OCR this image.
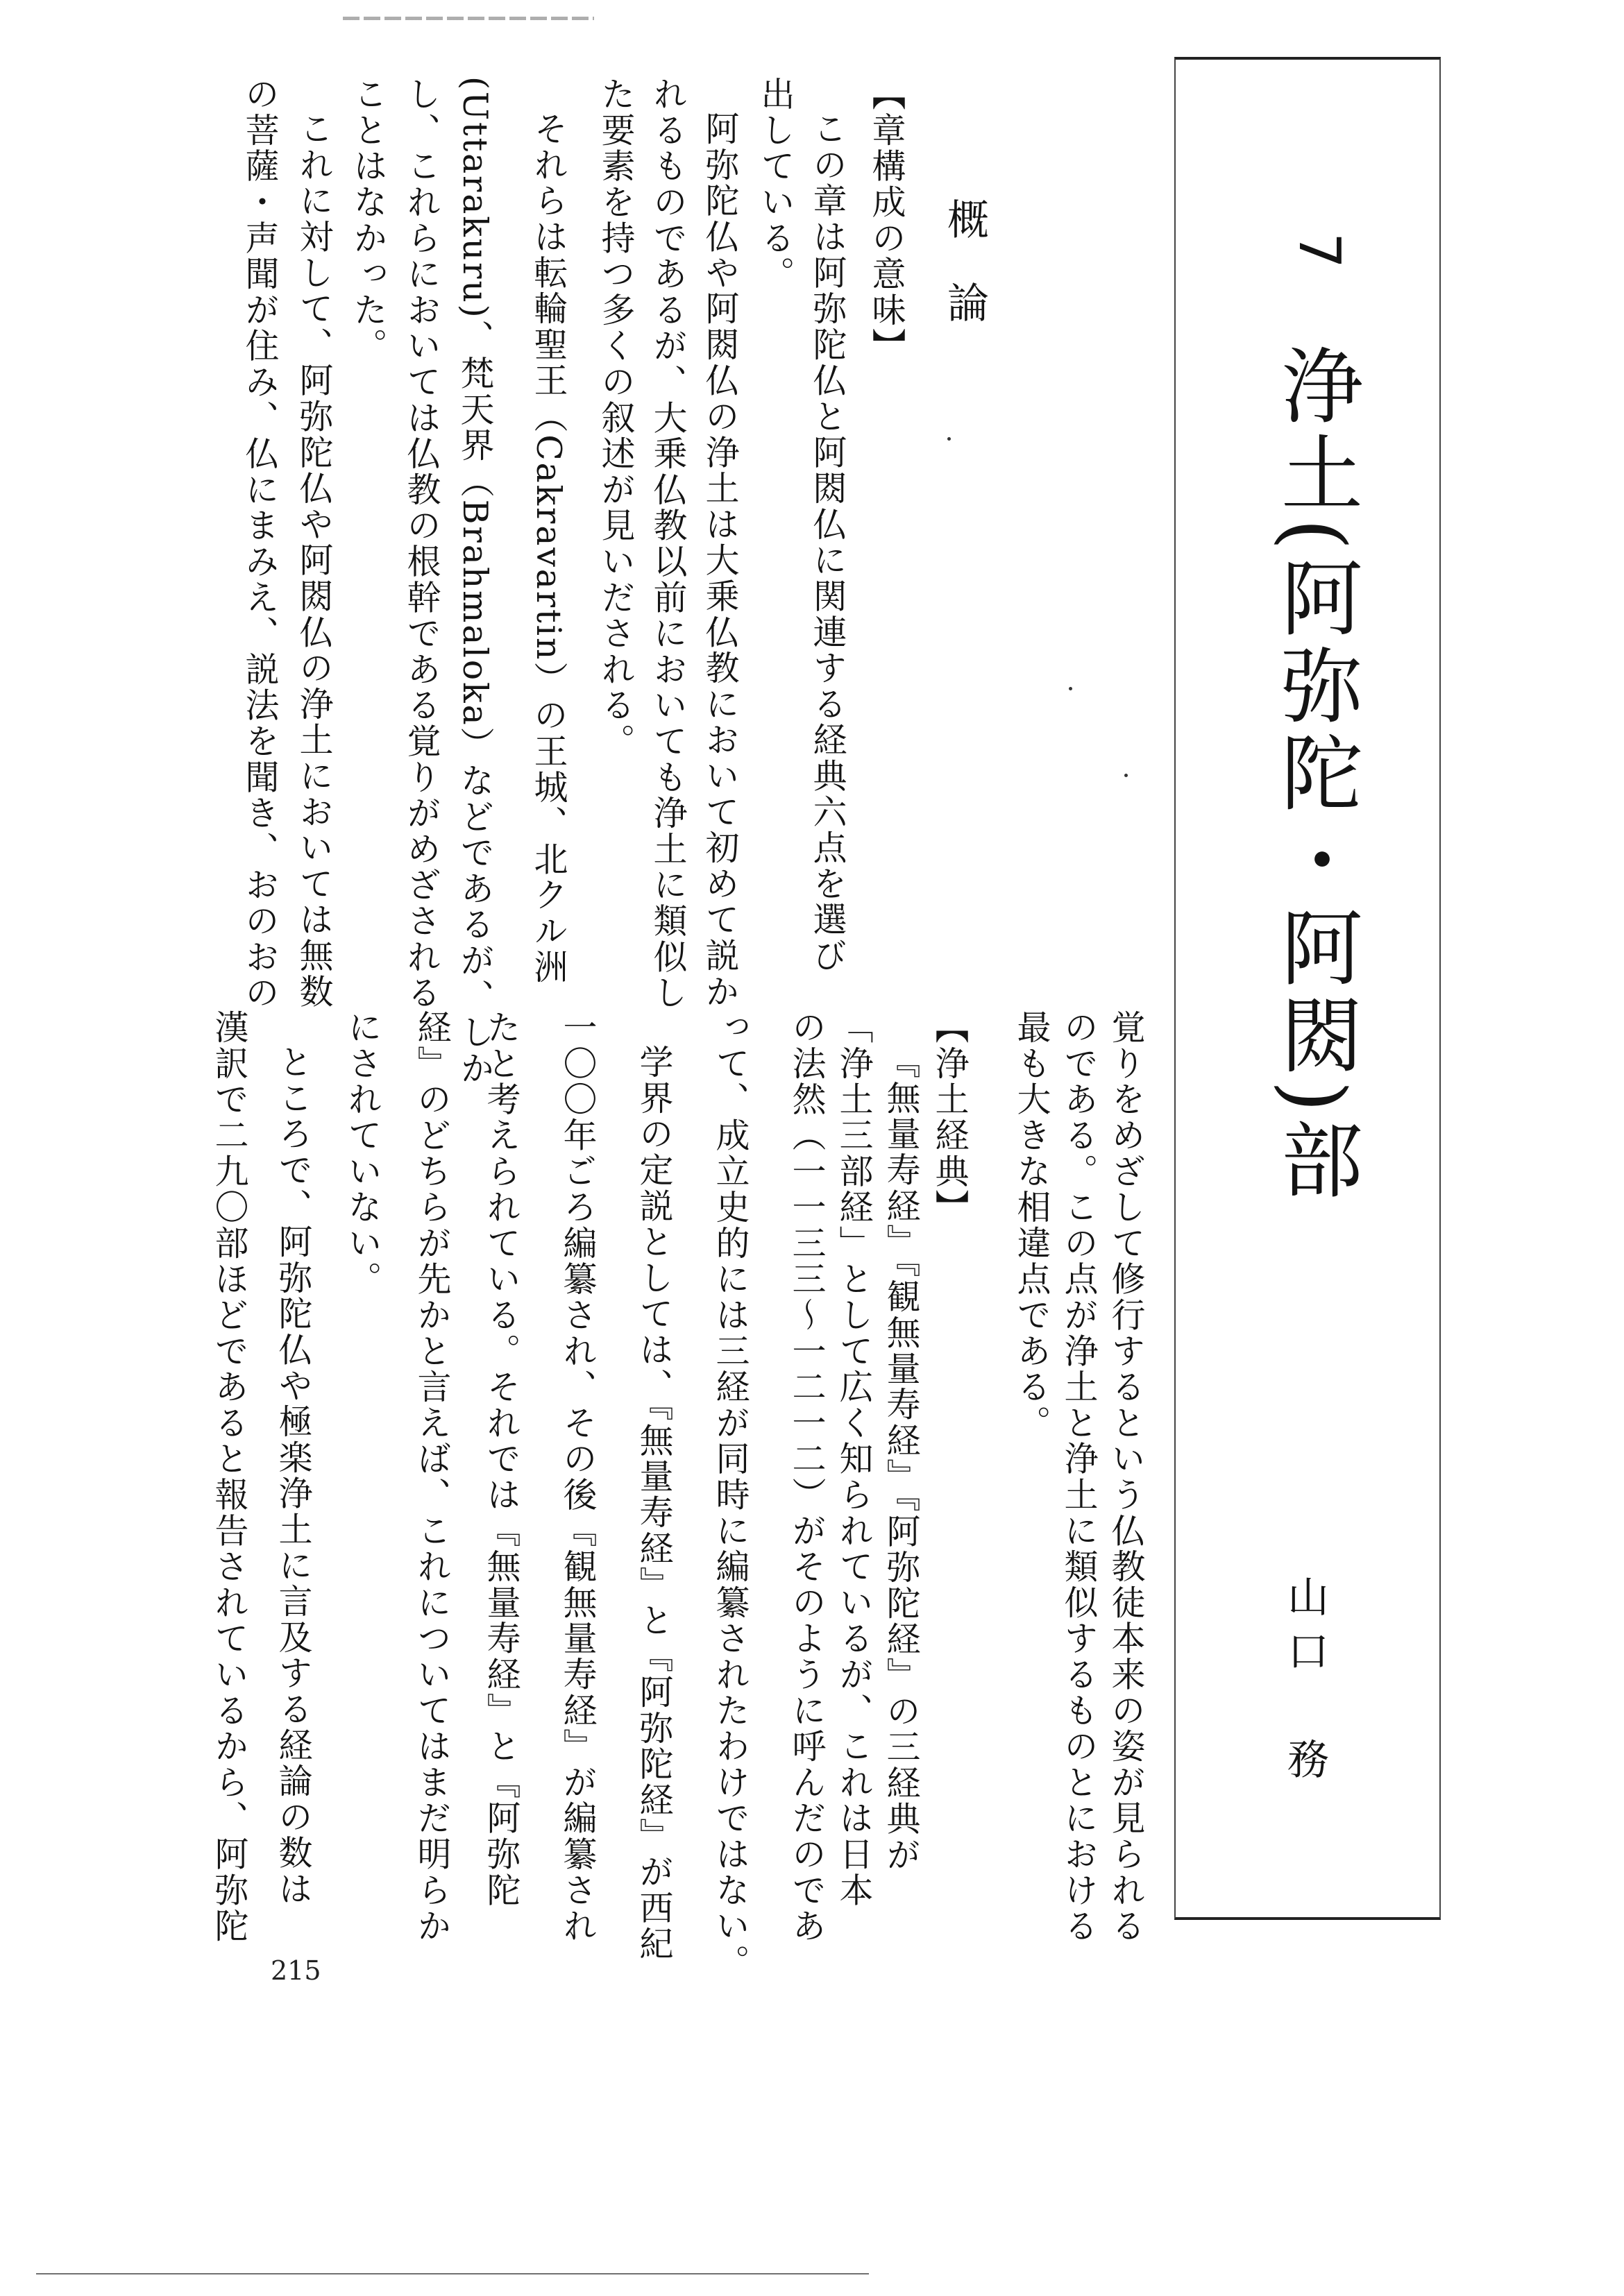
7
浄土(阿弥陀・阿閦)部
山口　務
覚りをめざして修行するという仏教徒本来の姿が見られる
のである。この点が浄土と浄土に類似するものとにおける
最も大きな相違点である。
【浄土経典】
『無量寿経』『観無量寿経』『阿弥陀経』の三経典が
「浄土三部経」として広く知られているが、これは日本
の法然（一一三三〜一二一二）がそのように呼んだのであ
って、成立史的には三経が同時に編纂されたわけではない。
学界の定説としては、『無量寿経』と『阿弥陀経』が西紀
一〇〇年ごろ編纂され、その後『観無量寿経』が編纂され
たと考えられている。それでは『無量寿経』と『阿弥陀
経』のどちらが先かと言えば、これについてはまだ明らか
にされていない。
ところで、阿弥陀仏や極楽浄土に言及する経論の数は
漢訳で二九〇部ほどであると報告されているから、阿弥陀
概論
【章構成の意味】
この章は阿弥陀仏と阿閦仏に関連する経典六点を選び
出している。
阿弥陀仏や阿閦仏の浄土は大乗仏教において初めて説か
れるものであるが、大乗仏教以前においても浄土に類似し
た要素を持つ多くの叙述が見いだされる。
それらは転輪聖王（Cakravartin）の王城、北クル洲
(Uttarakuru)、梵天界（Brahmaloka）などであるが、しか
し、これらにおいては仏教の根幹である覚りがめざされる
ことはなかった。
これに対して、阿弥陀仏や阿閦仏の浄土においては無数
の菩薩・声聞が住み、仏にまみえ、説法を聞き、おのおの
215
